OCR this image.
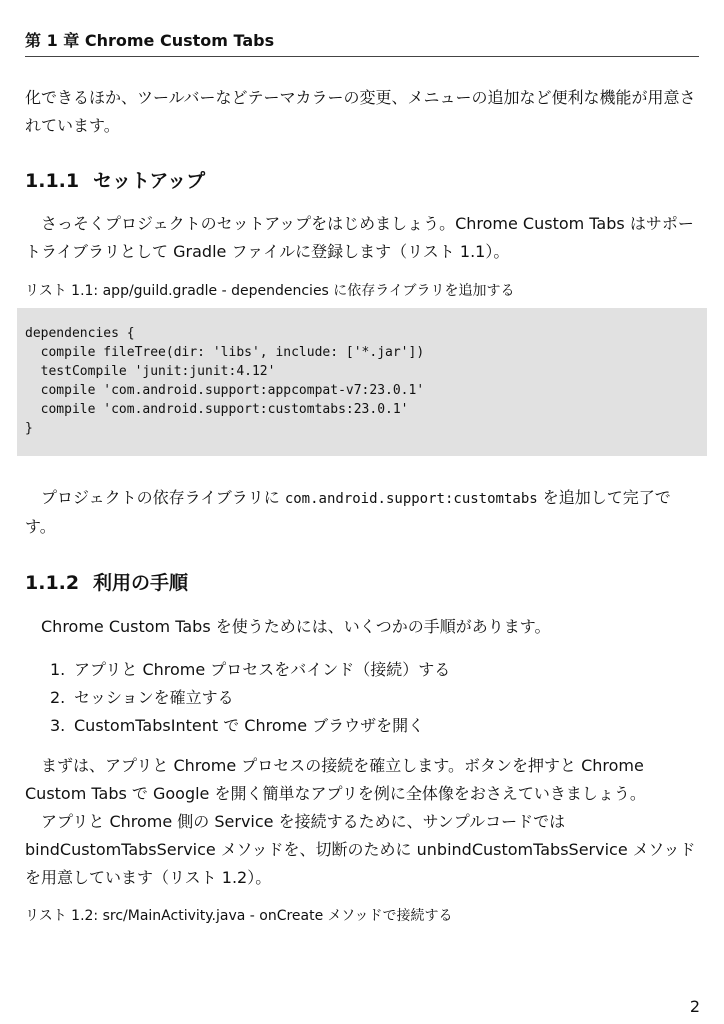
第 1 章 Chrome Custom Tabs

化できるほか、ツールバーなどテーマカラーの変更、メニューの追加など便利な機能が用意されています。

1.1.1 セットアップ

さっそくプロジェクトのセットアップをはじめましょう。Chrome Custom Tabs はサポートライブラリとして Gradle ファイルに登録します（リスト 1.1）。

リスト 1.1: app/guild.gradle - dependencies に依存ライブラリを追加する

dependencies {
compile fileTree(dir: 'libs', include: ['*.jar'])
testCompile 'junit:junit:4.12'
compile 'com.android.support:appcompat-v7:23.0.1'
compile 'com.android.support:customtabs:23.0.1'
}

プロジェクトの依存ライブラリに com.android.support:customtabs を追加して完了です。

1.1.2 利用の手順

Chrome Custom Tabs を使うためには、いくつかの手順があります。

1. アプリと Chrome プロセスをバインド（接続）する
2. セッションを確立する
3. CustomTabsIntent で Chrome ブラウザを開く

まずは、アプリと Chrome プロセスの接続を確立します。ボタンを押すと Chrome Custom Tabs で Google を開く簡単なアプリを例に全体像をおさえていきましょう。

アプリと Chrome 側の Service を接続するために、サンプルコードでは bindCustomTabsService メソッドを、切断のために unbindCustomTabsService メソッドを用意しています（リスト 1.2）。

リスト 1.2: src/MainActivity.java - onCreate メソッドで接続する

2
